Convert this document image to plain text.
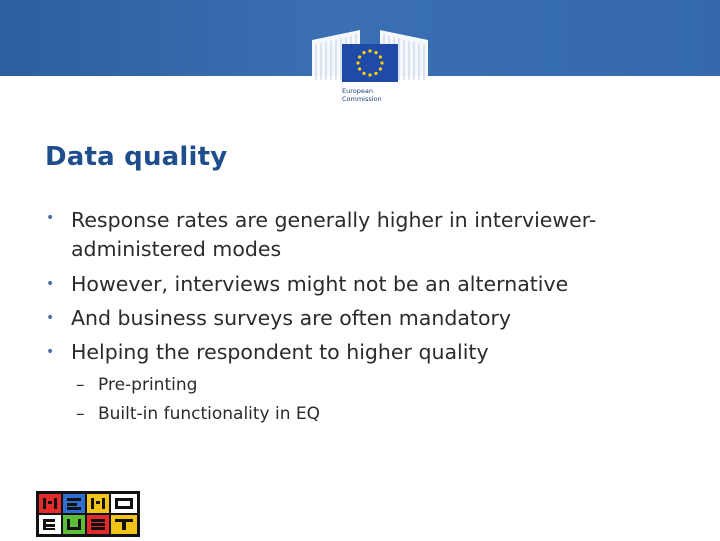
European
Commission
Data quality
• Response rates are generally higher in interviewer-administered modes
• However, interviews might not be an alternative
• And business surveys are often mandatory
• Helping the respondent to higher quality
– Pre-printing
– Built-in functionality in EQ
